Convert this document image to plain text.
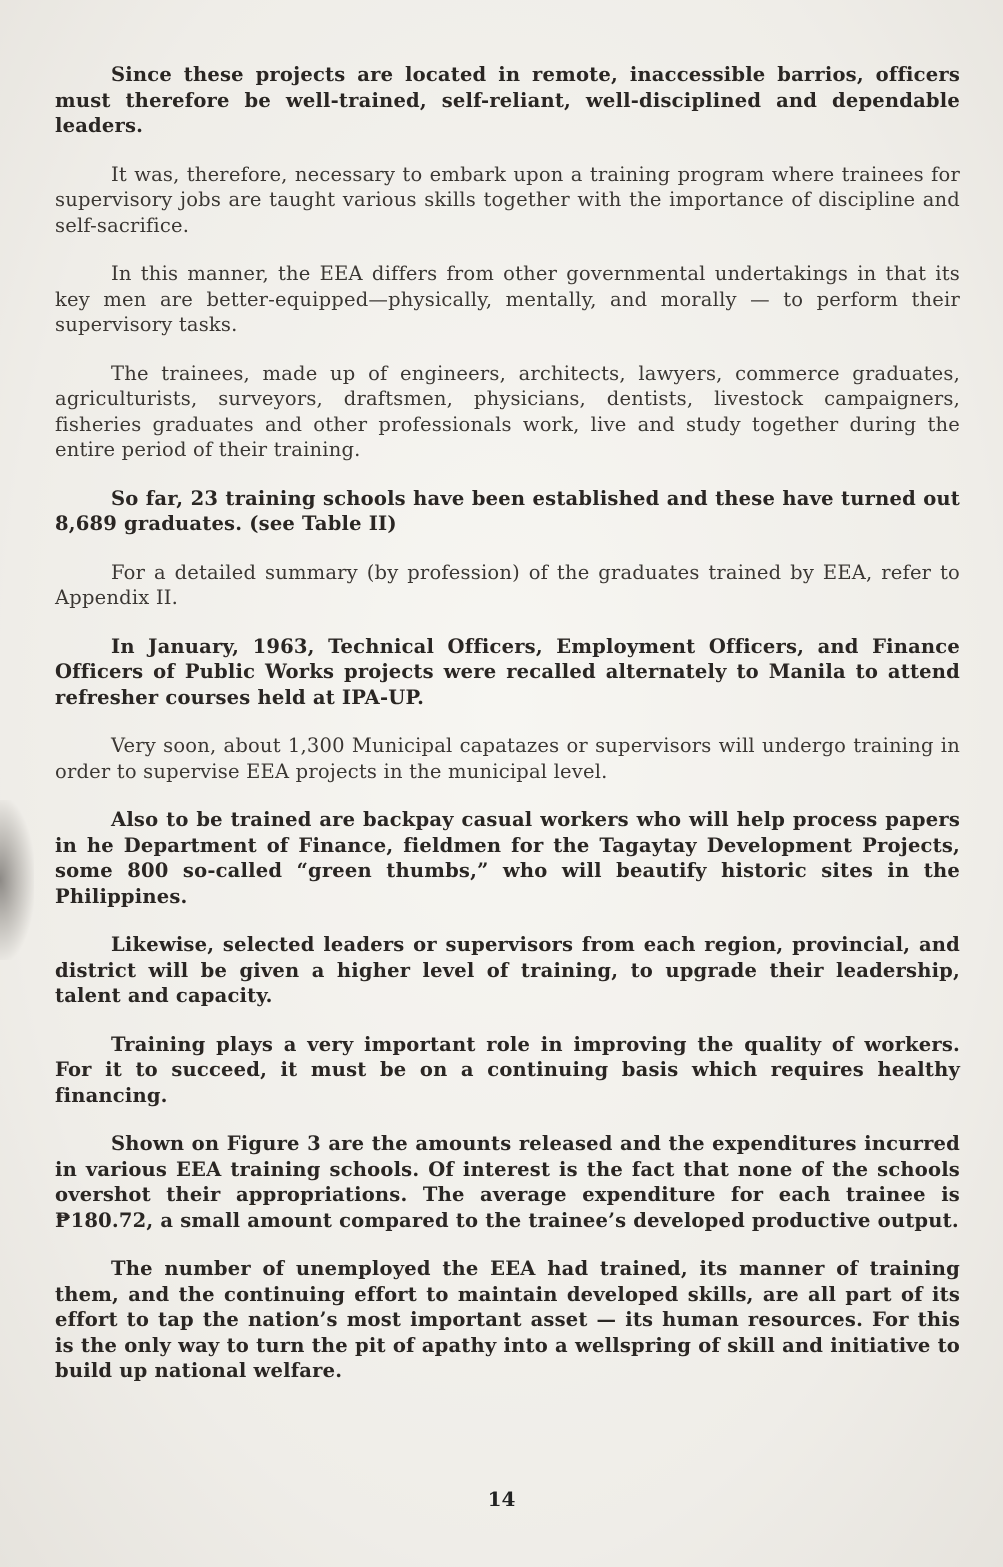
Since these projects are located in remote, inaccessible barrios, officers must therefore be well-trained, self-reliant, well-disciplined and dependable leaders.

It was, therefore, necessary to embark upon a training program where trainees for supervisory jobs are taught various skills together with the importance of discipline and self-sacrifice.

In this manner, the EEA differs from other governmental undertakings in that its key men are better-equipped—physically, mentally, and morally — to perform their supervisory tasks.

The trainees, made up of engineers, architects, lawyers, commerce graduates, agriculturists, surveyors, draftsmen, physicians, dentists, livestock campaigners, fisheries graduates and other professionals work, live and study together during the entire period of their training.

So far, 23 training schools have been established and these have turned out 8,689 graduates. (see Table II)

For a detailed summary (by profession) of the graduates trained by EEA, refer to Appendix II.

In January, 1963, Technical Officers, Employment Officers, and Finance Officers of Public Works projects were recalled alternately to Manila to attend refresher courses held at IPA-UP.

Very soon, about 1,300 Municipal capatazes or supervisors will undergo training in order to supervise EEA projects in the municipal level.

Also to be trained are backpay casual workers who will help process papers in he Department of Finance, fieldmen for the Tagaytay Development Projects, some 800 so-called “green thumbs,” who will beautify historic sites in the Philippines.

Likewise, selected leaders or supervisors from each region, provincial, and district will be given a higher level of training, to upgrade their leadership, talent and capacity.

Training plays a very important role in improving the quality of workers. For it to succeed, it must be on a continuing basis which requires healthy financing.

Shown on Figure 3 are the amounts released and the expenditures incurred in various EEA training schools. Of interest is the fact that none of the schools overshot their appropriations. The average expenditure for each trainee is ₱180.72, a small amount compared to the trainee’s developed productive output.

The number of unemployed the EEA had trained, its manner of training them, and the continuing effort to maintain developed skills, are all part of its effort to tap the nation’s most important asset — its human resources. For this is the only way to turn the pit of apathy into a wellspring of skill and initiative to build up national welfare.

14
